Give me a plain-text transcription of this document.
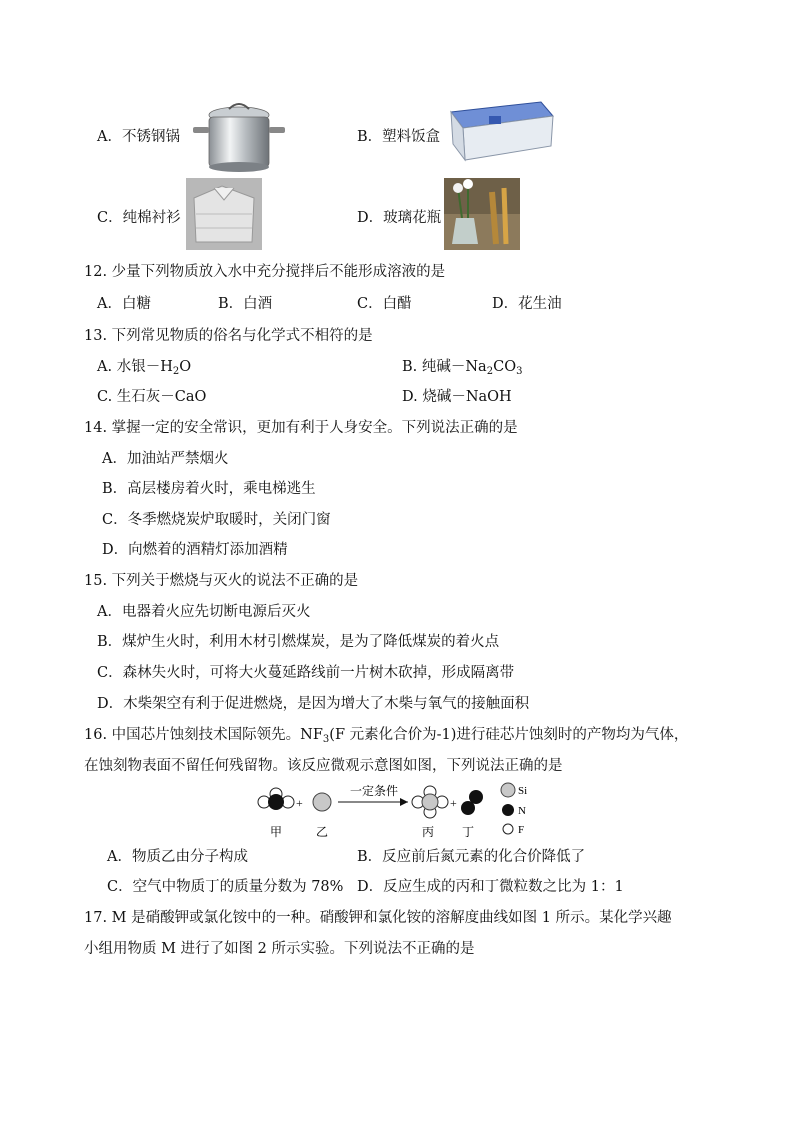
A．不锈钢锅	B．塑料饭盒
C．纯棉衬衫	D．玻璃花瓶
12. 少量下列物质放入水中充分搅拌后不能形成溶液的是
A．白糖	B．白酒	C．白醋	D．花生油
13. 下列常见物质的俗名与化学式不相符的是
A. 水银$-H_2O$	B. 纯碱$-Na_2CO_3$
C. 生石灰－CaO	D. 烧碱－NaOH
14. 掌握一定的安全常识，更加有利于人身安全。下列说法正确的是
A．加油站严禁烟火
B．高层楼房着火时，乘电梯逃生
C．冬季燃烧炭炉取暖时，关闭门窗
D．向燃着的酒精灯添加酒精
15. 下列关于燃烧与灭火的说法不正确的是
A．电器着火应先切断电源后灭火
B．煤炉生火时，利用木材引燃煤炭，是为了降低煤炭的着火点
C．森林失火时，可将大火蔓延路线前一片树木砍掉，形成隔离带
D．木柴架空有利于促进燃烧，是因为增大了木柴与氧气的接触面积
16. 中国芯片蚀刻技术国际领先。$NF_3(F$ 元素化合价为-1)进行硅芯片蚀刻时的产物均为气体，
在蚀刻物表面不留任何残留物。该反应微观示意图如图，下列说法正确的是
+
一定条件
+
甲	乙	丙 丁
Si
N
F
A．物质乙由分子构成	B．反应前后氮元素的化合价降低了
C．空气中物质丁的质量分数为 78% D．反应生成的丙和丁微粒数之比为 1：1
17. M 是硝酸钾或氯化铵中的一种。硝酸钾和氯化铵的溶解度曲线如图 1 所示。某化学兴趣
小组用物质 M 进行了如图 2 所示实验。下列说法不正确的是
